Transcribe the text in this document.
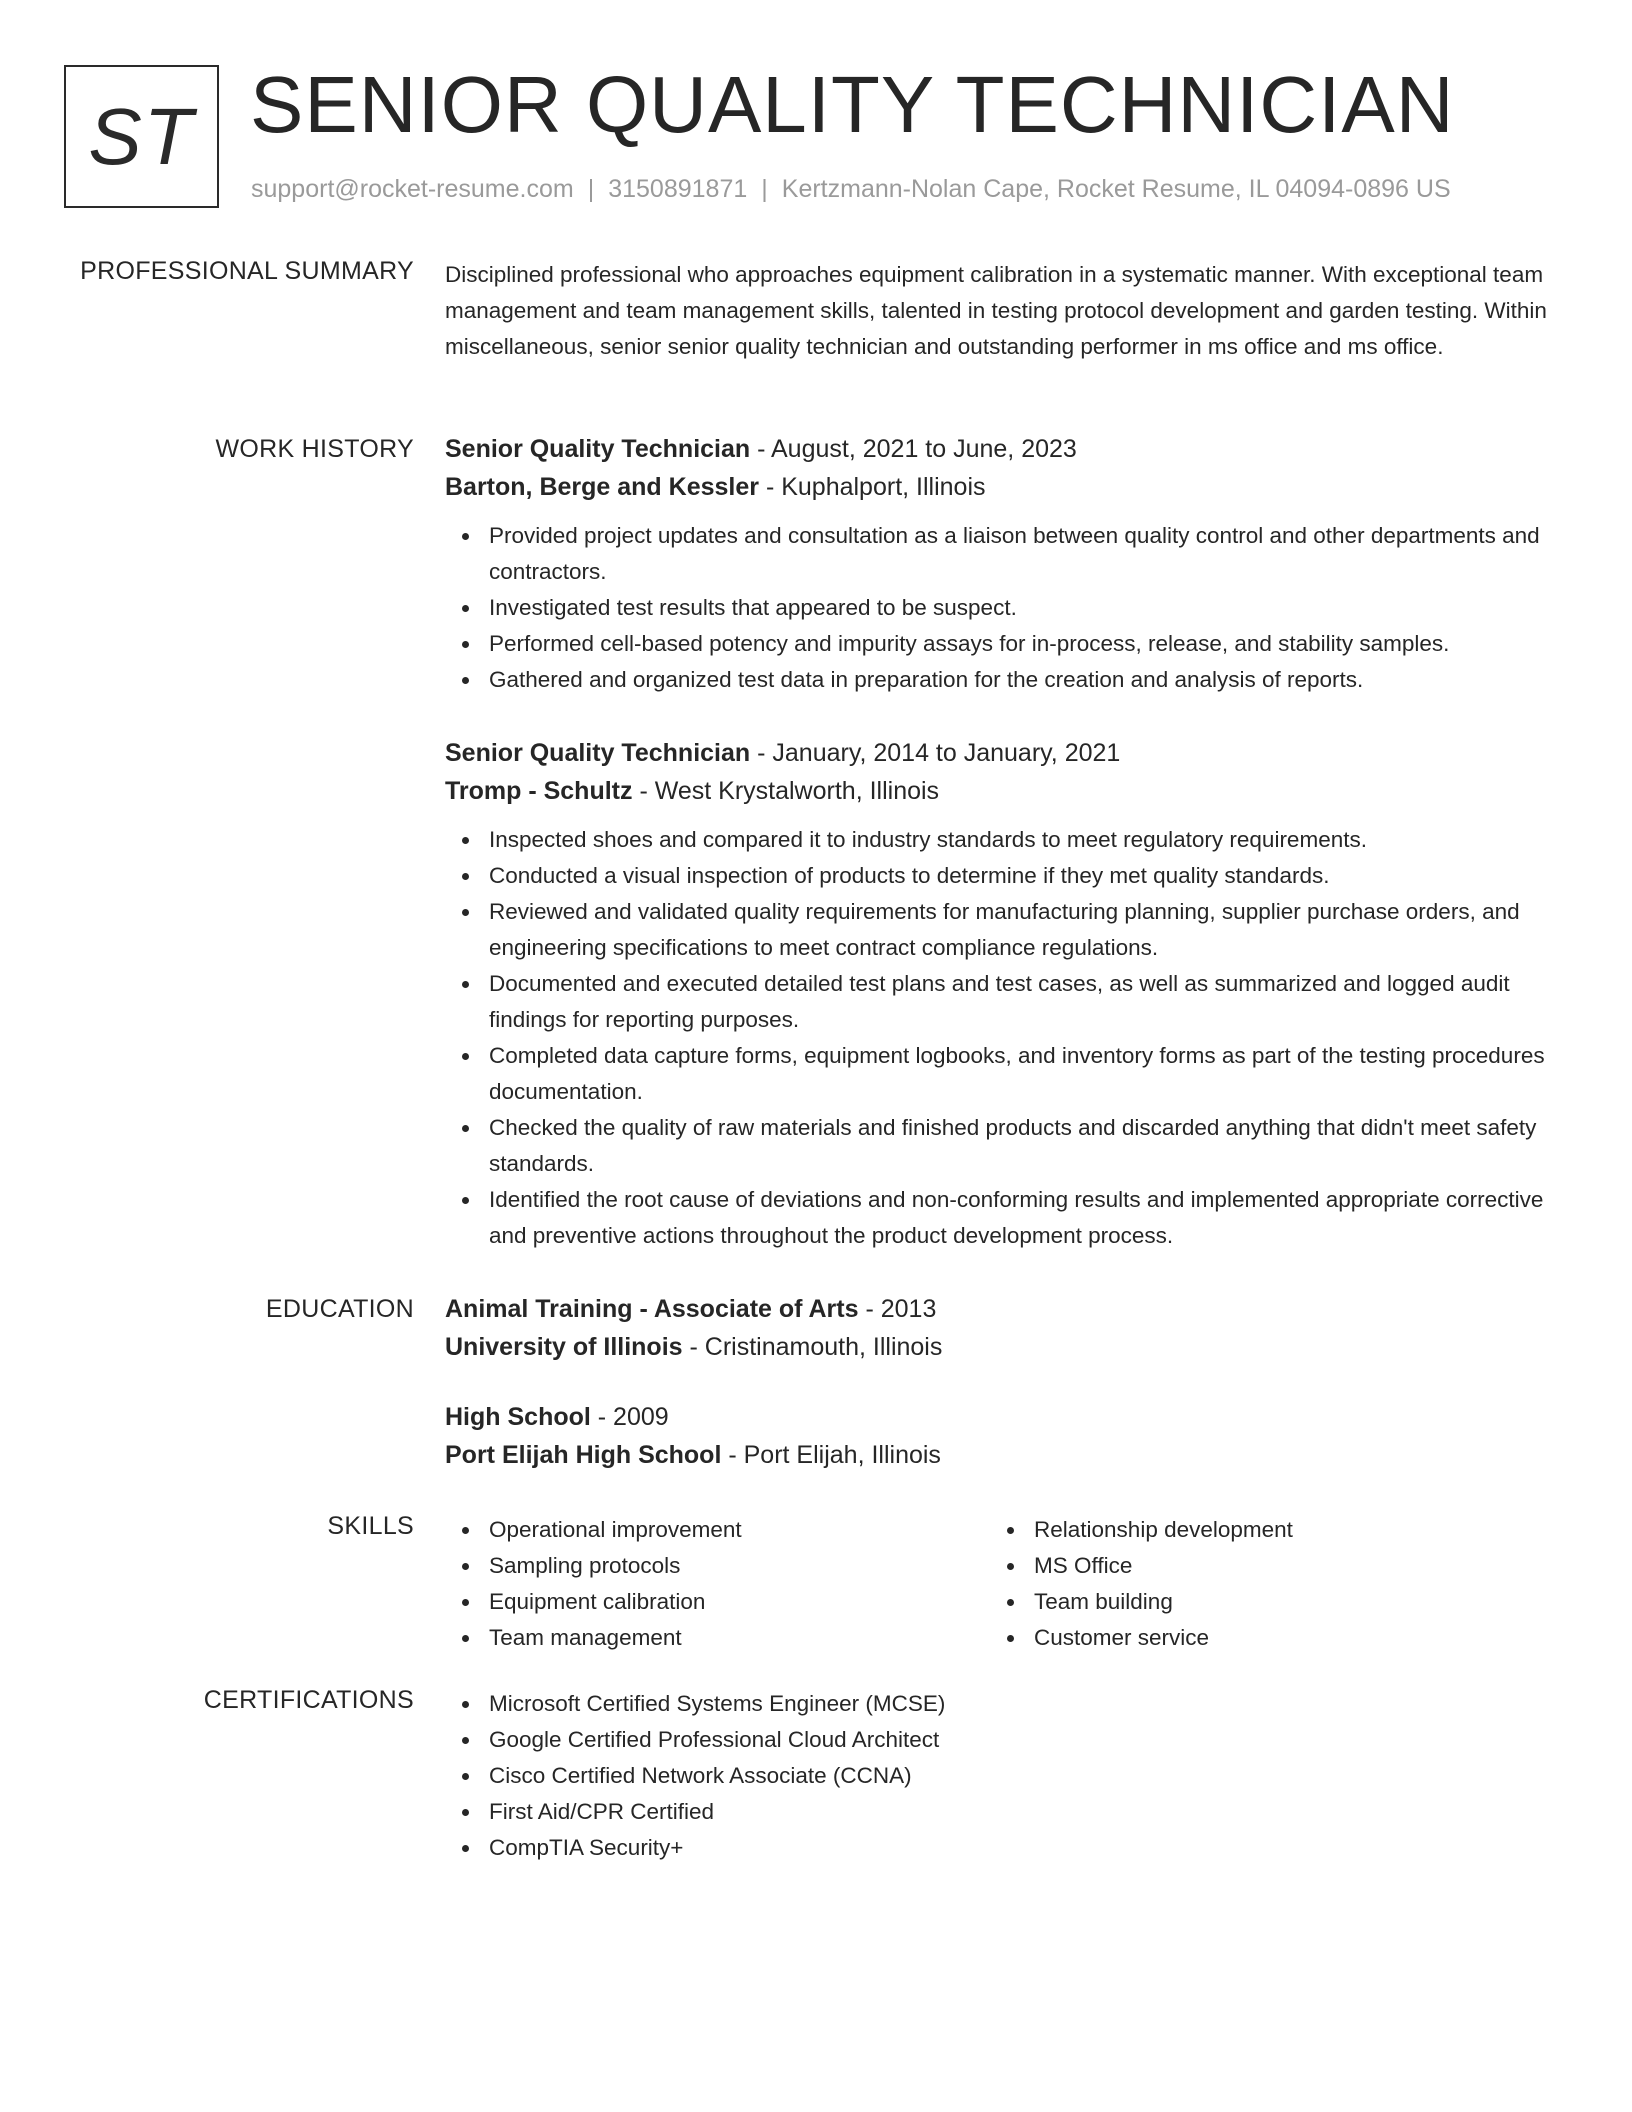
ST SENIOR QUALITY TECHNICIAN
support@rocket-resume.com | 3150891871 | Kertzmann-Nolan Cape, Rocket Resume, IL 04094-0896 US
PROFESSIONAL SUMMARY Disciplined professional who approaches equipment calibration in a systematic manner. With exceptional team management and team management skills, talented in testing protocol development and garden testing. Within miscellaneous, senior senior quality technician and outstanding performer in ms office and ms office.
WORK HISTORY Senior Quality Technician - August, 2021 to June, 2023
Barton, Berge and Kessler - Kuphalport, Illinois
Provided project updates and consultation as a liaison between quality control and other departments and contractors.
Investigated test results that appeared to be suspect.
Performed cell-based potency and impurity assays for in-process, release, and stability samples.
Gathered and organized test data in preparation for the creation and analysis of reports.
Senior Quality Technician - January, 2014 to January, 2021
Tromp - Schultz - West Krystalworth, Illinois
Inspected shoes and compared it to industry standards to meet regulatory requirements.
Conducted a visual inspection of products to determine if they met quality standards.
Reviewed and validated quality requirements for manufacturing planning, supplier purchase orders, and engineering specifications to meet contract compliance regulations.
Documented and executed detailed test plans and test cases, as well as summarized and logged audit findings for reporting purposes.
Completed data capture forms, equipment logbooks, and inventory forms as part of the testing procedures documentation.
Checked the quality of raw materials and finished products and discarded anything that didn't meet safety standards.
Identified the root cause of deviations and non-conforming results and implemented appropriate corrective and preventive actions throughout the product development process.
EDUCATION Animal Training - Associate of Arts - 2013
University of Illinois - Cristinamouth, Illinois
High School - 2009
Port Elijah High School - Port Elijah, Illinois
SKILLS	Operational improvement
Sampling protocols
Equipment calibration
Team management
Relationship development
MS Office
Team building
Customer service
CERTIFICATIONS	Microsoft Certified Systems Engineer (MCSE)
Google Certified Professional Cloud Architect
Cisco Certified Network Associate (CCNA)
First Aid/CPR Certified
CompTIA Security+
